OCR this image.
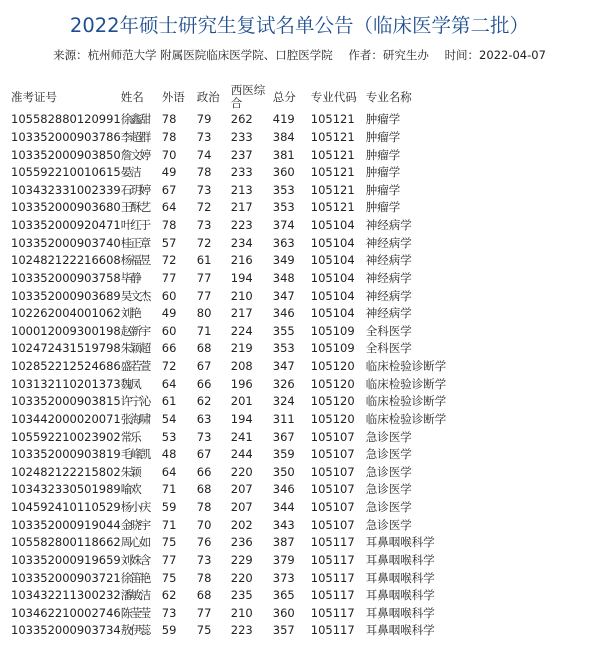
2022年硕士研究生复试名单公告（临床医学第二批）
来源：杭州师范大学 附属医院临床医学院、口腔医学院 作者：研究生办 时间：2022-04-07
准考证号	姓名	外语	政治	西医综合	总分	专业代码	专业名称
105582880120991	徐鑫甜	78	79	262	419	105121	肿瘤学
103352000903786	李超群	78	73	233	384	105121	肿瘤学
103352000903850	詹文婷	70	74	237	381	105121	肿瘤学
105592210010615	晏洁	49	78	233	360	105121	肿瘤学
103432331002339	石玥婷	67	73	213	353	105121	肿瘤学
103352000903680	王酥艺	64	72	217	353	105121	肿瘤学
103352000920471	叶红于	78	73	223	374	105104	神经病学
103352000903740	桂正章	57	72	234	363	105104	神经病学
102482122216608	杨福昱	72	61	216	349	105104	神经病学
103352000903758	毕静	77	77	194	348	105104	神经病学
103352000903689	吴文杰	60	77	210	347	105104	神经病学
102262004001062	刘艳	49	80	217	346	105104	神经病学
100012009300198	赵新宇	60	71	224	355	105109	全科医学
102472431519798	朱颖超	66	68	219	353	105109	全科医学
102852212524686	盛若萱	72	67	208	347	105120	临床检验诊断学
103132110201373	魏凤	64	66	196	326	105120	临床检验诊断学
103352000903815	许宁沁	61	62	201	324	105120	临床检验诊断学
103442000020071	张海啸	54	63	194	311	105120	临床检验诊断学
105592210023902	常乐	53	73	241	367	105107	急诊医学
103352000903819	毛峰凯	48	67	244	359	105107	急诊医学
102482122215802	朱颖	64	66	220	350	105107	急诊医学
103432330501989	喻欢	71	68	207	346	105107	急诊医学
104592410110529	杨小庆	59	78	207	344	105107	急诊医学
103352000919044	金晓宇	71	70	202	343	105107	急诊医学
105582800118662	周心如	75	76	236	387	105117	耳鼻咽喉科学
103352000919659	刘姝含	77	73	229	379	105117	耳鼻咽喉科学
103352000903721	徐笛艳	75	78	220	373	105117	耳鼻咽喉科学
103432211300232	潘敏洁	62	68	235	365	105117	耳鼻咽喉科学
103462210002746	陈莹莹	73	77	210	360	105117	耳鼻咽喉科学
103352000903734	敖伊蕊	59	75	223	357	105117	耳鼻咽喉科学
